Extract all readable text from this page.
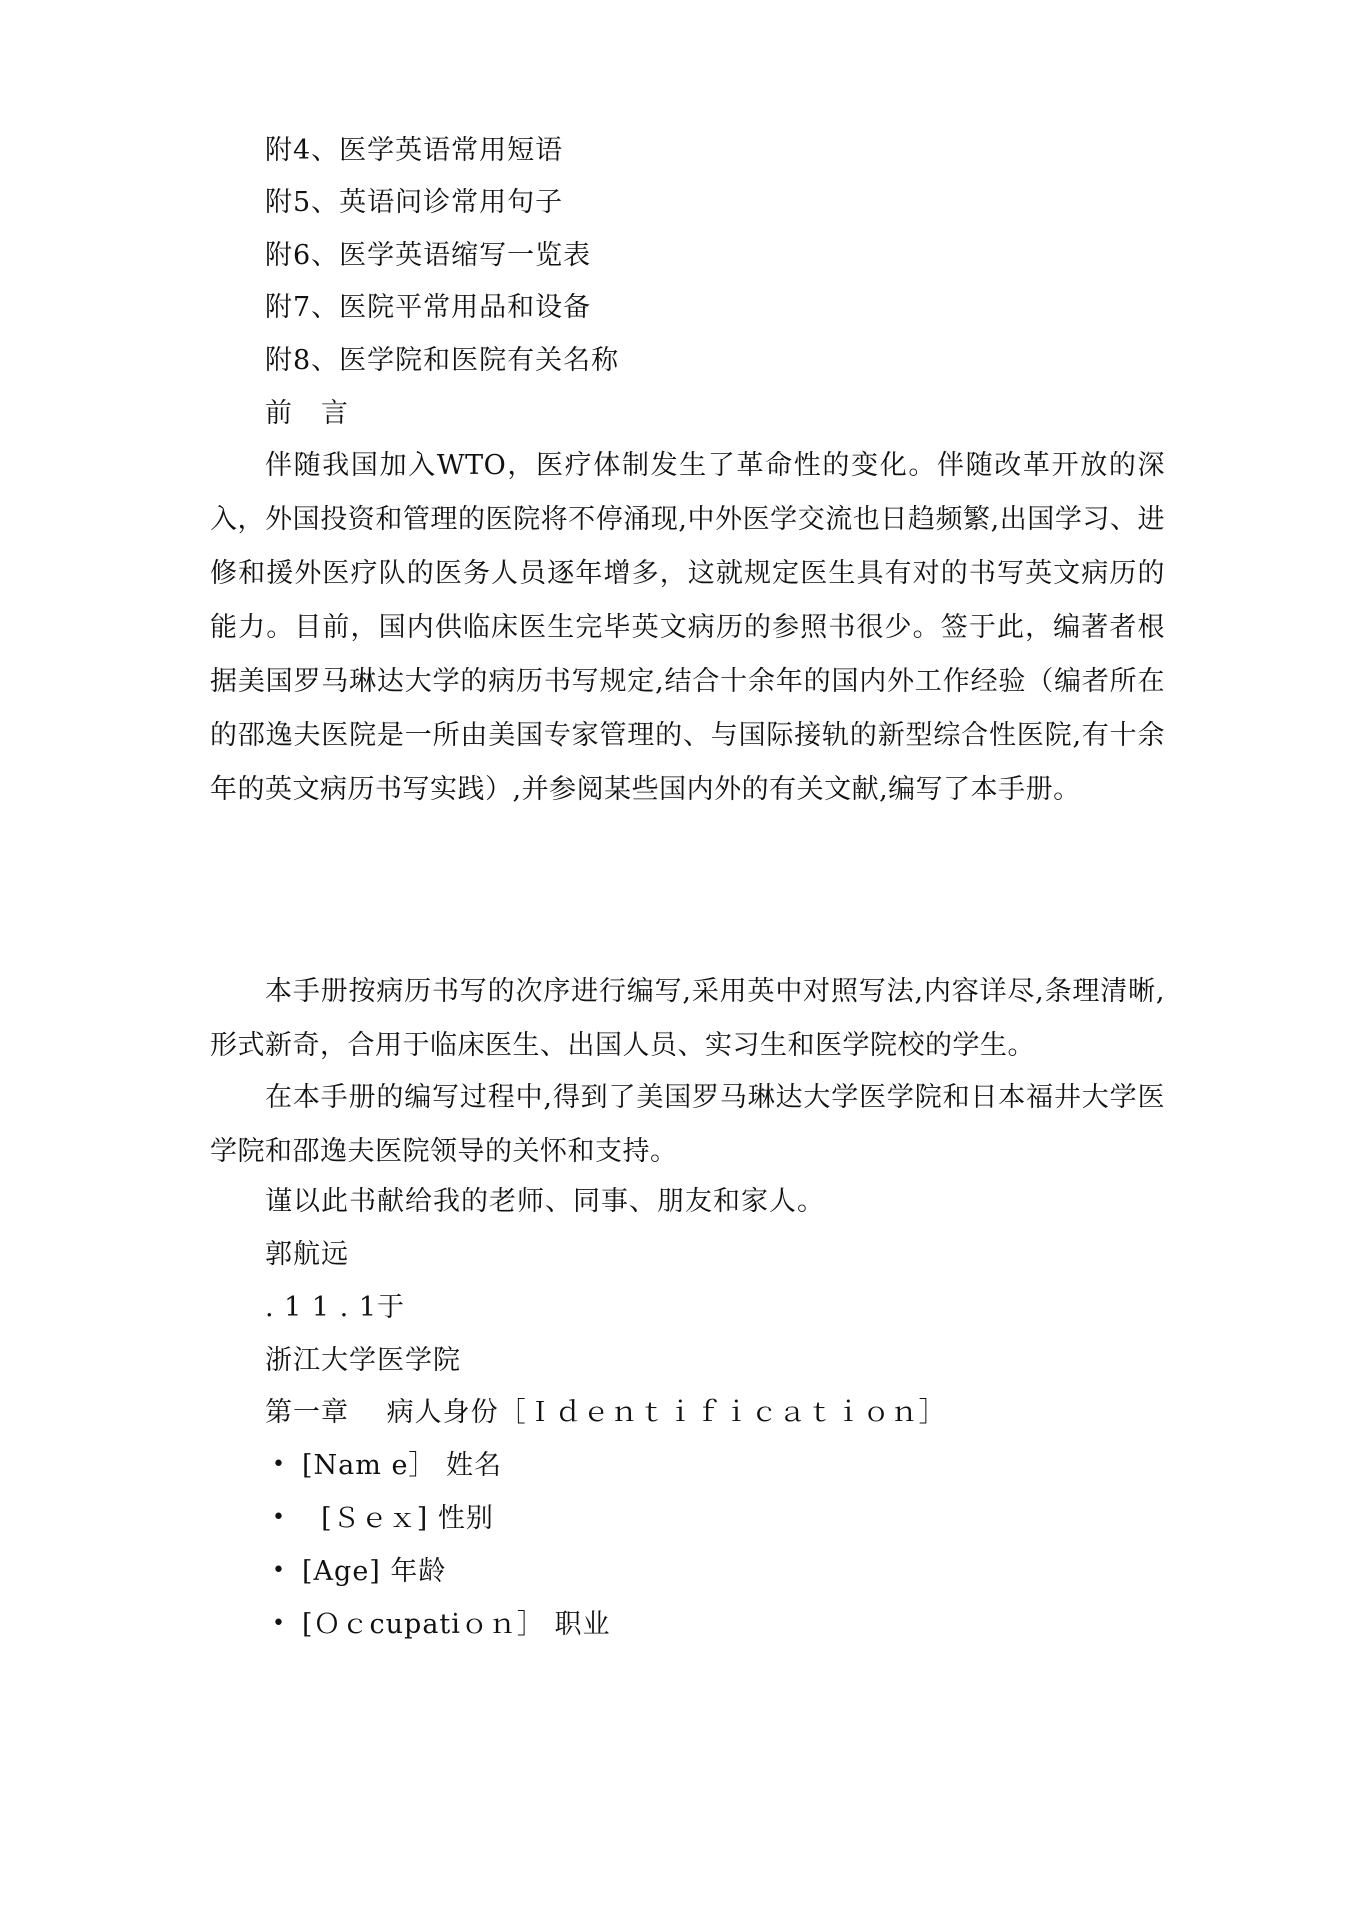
附4、医学英语常用短语
附5、英语问诊常用句子
附6、医学英语缩写一览表
附7、医院平常用品和设备
附8、医学院和医院有关名称
前　言

伴随我国加入WTO，医疗体制发生了革命性的变化。伴随改革开放的深入，外国投资和管理的医院将不停涌现,中外医学交流也日趋频繁,出国学习、进修和援外医疗队的医务人员逐年增多，这就规定医生具有对的书写英文病历的能力。目前，国内供临床医生完毕英文病历的参照书很少。签于此，编著者根据美国罗马琳达大学的病历书写规定,结合十余年的国内外工作经验（编者所在的邵逸夫医院是一所由美国专家管理的、与国际接轨的新型综合性医院,有十余年的英文病历书写实践）,并参阅某些国内外的有关文献,编写了本手册。

本手册按病历书写的次序进行编写,采用英中对照写法,内容详尽,条理清晰,形式新奇，合用于临床医生、出国人员、实习生和医学院校的学生。

在本手册的编写过程中,得到了美国罗马琳达大学医学院和日本福井大学医学院和邵逸夫医院领导的关怀和支持。

谨以此书献给我的老师、同事、朋友和家人。
郭航远
. 1 1 . 1于
浙江大学医学院
第一章　 病人身份［Ｉｄｅｎｔｉｆｉｃａｔｉｏｎ］
• [Nam e］ 姓名
• [Ｓｅｘ] 性别
• [Age] 年龄
• [Ｏｃcupatiｏｎ］ 职业
